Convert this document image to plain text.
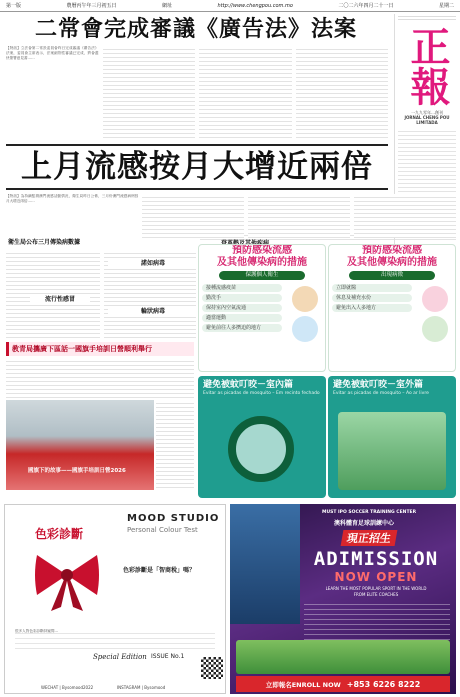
第一版	農曆丙午年三月初五日	網址	http://www.chengpou.com.mo	二〇二六年四月二十一日	星期二
二常會完成審議《廣告法》法案
【特訊】立法會第二常設委員會昨日完成審議《廣告法》法案，委員會主席表示，法案細則性審議已完成，將會盡快簽署意見書……	正報
一九九零年…創刊
JORNAL CHENG POU LIMITADA
上月流感按月大增近兩倍
【特訊】為持續監測澳門流感活動情況，衛生局昨日公佈，三月份澳門流感病例按月大增近兩倍……
衛生局公布三月傳染病數據
流行性感冒
諾如病毒
輪狀病毒
預防感染流感
及其他傳染病的措施
保護個人衛生
接種流感疫苗
勤洗手
保持室內空氣流通
適當運動
避免前往人多擠迫的地方
預防感染流感
及其他傳染病的措施
出現病徵
立即就醫
休息及補充水份
避免出入人多地方
教青局攜廣下區話一國旗手培訓日營順利舉行
國旗下的故事——國旗手培訓日營2026
避免被蚊叮咬－室內篇
Evitar as picadas de mosquito – Em recinto fechado
避免被蚊叮咬－室外篇
Evitar as picadas de mosquito – Ao ar livre
色彩診斷
MOOD STUDIO
Personal Colour Test
色彩診斷是「智商稅」嗎？
很多人對色彩診斷持疑問…
Special Edition ISSUE No.1
WECHAT | Bysomood2022	INSTAGRAM | Bysomood
MUST IPO SOCCER TRAINING CENTER
澳科體育足球訓練中心
現正招生
ADIMISSION
NOW OPEN
LEARN THE MOST POPULAR SPORT IN THE WORLD
FROM ELITE COACHES
立即報名ENROLL NOW +853 6226 8222
